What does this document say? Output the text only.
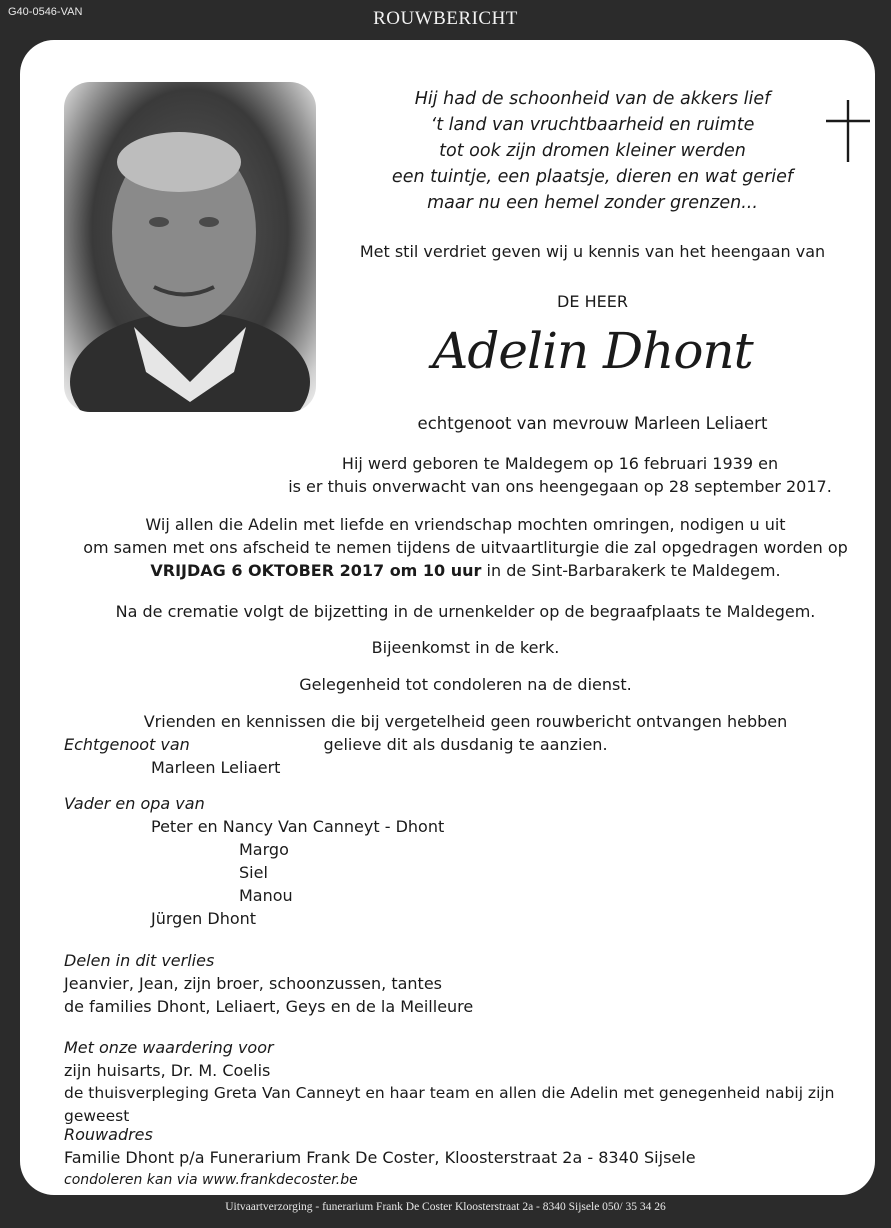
G40-0546-VAN	ROUWBERICHT
Hij had de schoonheid van de akkers lief
‘t land van vruchtbaarheid en ruimte
tot ook zijn dromen kleiner werden
een tuintje, een plaatsje, dieren en wat gerief
maar nu een hemel zonder grenzen...
Met stil verdriet geven wij u kennis van het heengaan van
DE HEER
Adelin Dhont
echtgenoot van mevrouw Marleen Leliaert
Hij werd geboren te Maldegem op 16 februari 1939 en
is er thuis onverwacht van ons heengegaan op 28 september 2017.
Wij allen die Adelin met liefde en vriendschap mochten omringen, nodigen u uit
om samen met ons afscheid te nemen tijdens de uitvaartliturgie die zal opgedragen worden op
VRIJDAG 6 OKTOBER 2017 om 10 uur in de Sint-Barbarakerk te Maldegem.
Na de crematie volgt de bijzetting in de urnenkelder op de begraafplaats te Maldegem.
Bijeenkomst in de kerk.
Gelegenheid tot condoleren na de dienst.
Vrienden en kennissen die bij vergetelheid geen rouwbericht ontvangen hebben
gelieve dit als dusdanig te aanzien.
Echtgenoot van
Marleen Leliaert
Vader en opa van
Peter en Nancy Van Canneyt - Dhont
Margo
Siel
Manou
Jürgen Dhont
Delen in dit verlies
Jeanvier, Jean, zijn broer, schoonzussen, tantes
de families Dhont, Leliaert, Geys en de la Meilleure
Met onze waardering voor
zijn huisarts, Dr. M. Coelis
de thuisverpleging Greta Van Canneyt en haar team en allen die Adelin met genegenheid nabij zijn geweest
Rouwadres
Familie Dhont p/a Funerarium Frank De Coster, Kloosterstraat 2a - 8340 Sijsele
condoleren kan via www.frankdecoster.be
Uitvaartverzorging - funerarium Frank De Coster Kloosterstraat 2a - 8340 Sijsele 050/ 35 34 26
